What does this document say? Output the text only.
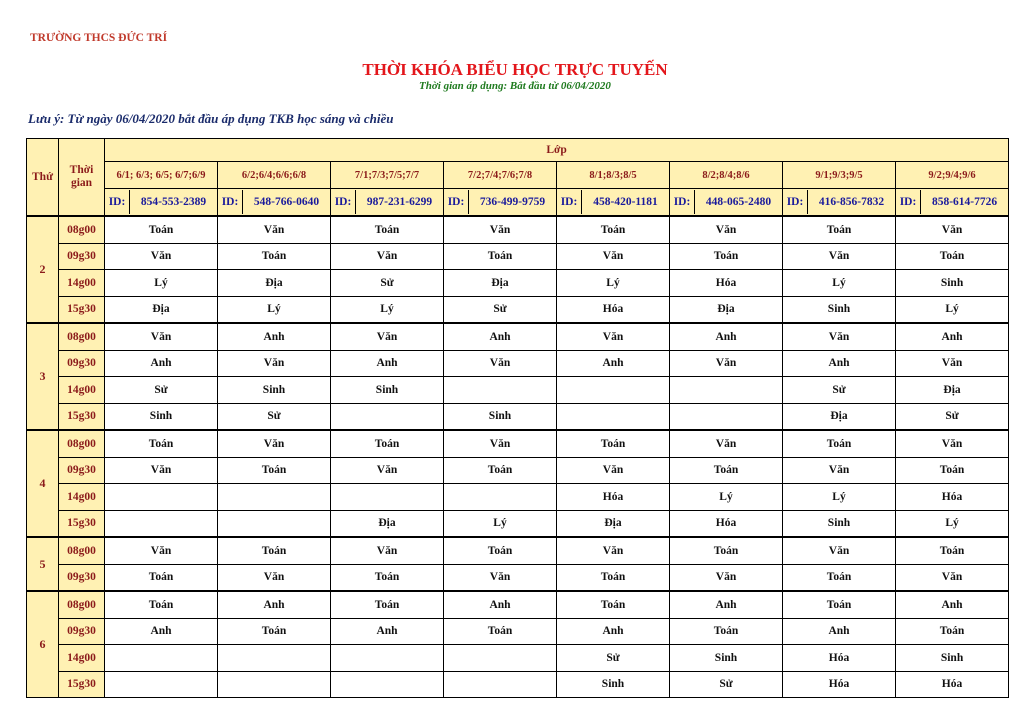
TRƯỜNG THCS ĐỨC TRÍ
THỜI KHÓA BIỂU HỌC TRỰC TUYẾN
Thời gian áp dụng: Bắt đầu từ 06/04/2020
Lưu ý: Từ ngày 06/04/2020 bắt đầu áp dụng TKB học sáng và chiều
Thứ	Thời gian	Lớp							
		6/1; 6/3; 6/5; 6/7;6/9	6/2;6/4;6/6;6/8	7/1;7/3;7/5;7/7	7/2;7/4;7/6;7/8	8/1;8/3;8/5	8/2;8/4;8/6	9/1;9/3;9/5	9/2;9/4;9/6

		ID: 854-553-2389	ID: 548-766-0640	ID: 987-231-6299	ID: 736-499-9759	ID: 458-420-1181	ID: 448-065-2480	ID: 416-856-7832	ID: 858-614-7726

2	08g00	Toán	Văn	Toán	Văn	Toán	Văn	Toán	Văn
	09g30	Văn	Toán	Văn	Toán	Văn	Toán	Văn	Toán
	14g00	Lý	Địa	Sử	Địa	Lý	Hóa	Lý	Sinh
	15g30	Địa	Lý	Lý	Sử	Hóa	Địa	Sinh	Lý
3	08g00	Văn	Anh	Văn	Anh	Văn	Anh	Văn	Anh
	09g30	Anh	Văn	Anh	Văn	Anh	Văn	Anh	Văn
	14g00	Sử	Sinh	Sinh				Sử	Địa
	15g30	Sinh	Sử		Sinh			Địa	Sử
4	08g00	Toán	Văn	Toán	Văn	Toán	Văn	Toán	Văn
	09g30	Văn	Toán	Văn	Toán	Văn	Toán	Văn	Toán
	14g00					Hóa	Lý	Lý	Hóa
	15g30			Địa	Lý	Địa	Hóa	Sinh	Lý
5	08g00	Văn	Toán	Văn	Toán	Văn	Toán	Văn	Toán
	09g30	Toán	Văn	Toán	Văn	Toán	Văn	Toán	Văn
6	08g00	Toán	Anh	Toán	Anh	Toán	Anh	Toán	Anh
	09g30	Anh	Toán	Anh	Toán	Anh	Toán	Anh	Toán
	14g00					Sử	Sinh	Hóa	Sinh
	15g30					Sinh	Sử	Hóa	Hóa
